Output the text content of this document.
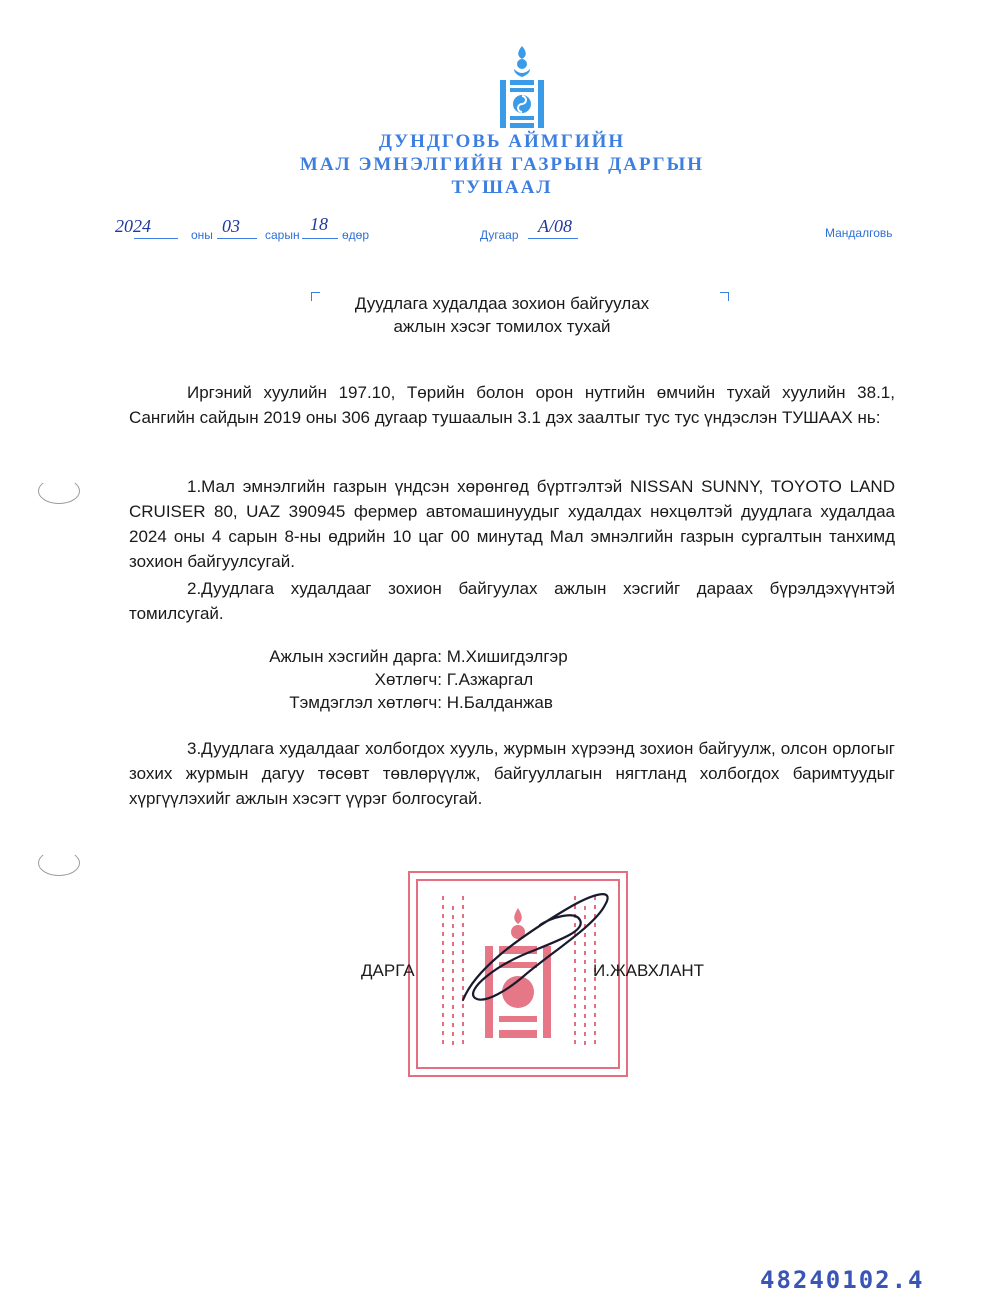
ДУНДГОВЬ АЙМГИЙН
МАЛ ЭМНЭЛГИЙН ГАЗРЫН ДАРГЫН
ТУШААЛ
2024	оны 03 сарын
18
өдөр	Дугаар A/08	Мандалговь
Дуудлага худалдаа зохион байгуулах
ажлын хэсэг томилох тухай

Иргэний хуулийн 197.10, Төрийн болон орон нутгийн өмчийн тухай хуулийн 38.1, Сангийн сайдын 2019 оны 306 дугаар тушаалын 3.1 дэх заалтыг тус тус үндэслэн ТУШААХ нь:

1.Мал эмнэлгийн газрын үндсэн хөрөнгөд бүртгэлтэй NISSAN SUNNY, TOYOTO LAND CRUISER 80, UAZ 390945 фермер автомашинуудыг худалдах нөхцөлтэй дуудлага худалдаа 2024 оны 4 сарын 8-ны өдрийн 10 цаг 00 минутад Мал эмнэлгийн газрын сургалтын танхимд зохион байгуулсугай.

2.Дуудлага худалдааг зохион байгуулах ажлын хэсгийг дараах бүрэлдэхүүнтэй томилсугай.

Ажлын хэсгийн дарга: М.Хишигдэлгэр
Хөтлөгч: Г.Азжаргал
Тэмдэглэл хөтлөгч: Н.Балданжав

3.Дуудлага худалдааг холбогдох хууль, журмын хүрээнд зохион байгуулж, олсон орлогыг зохих журмын дагуу төсөвт төвлөрүүлж, байгууллагын нягтланд холбогдох баримтуудыг хүргүүлэхийг ажлын хэсэгт үүрэг болгосугай.

ДАРГА	И.ЖАВХЛАНТ
48240102.4
